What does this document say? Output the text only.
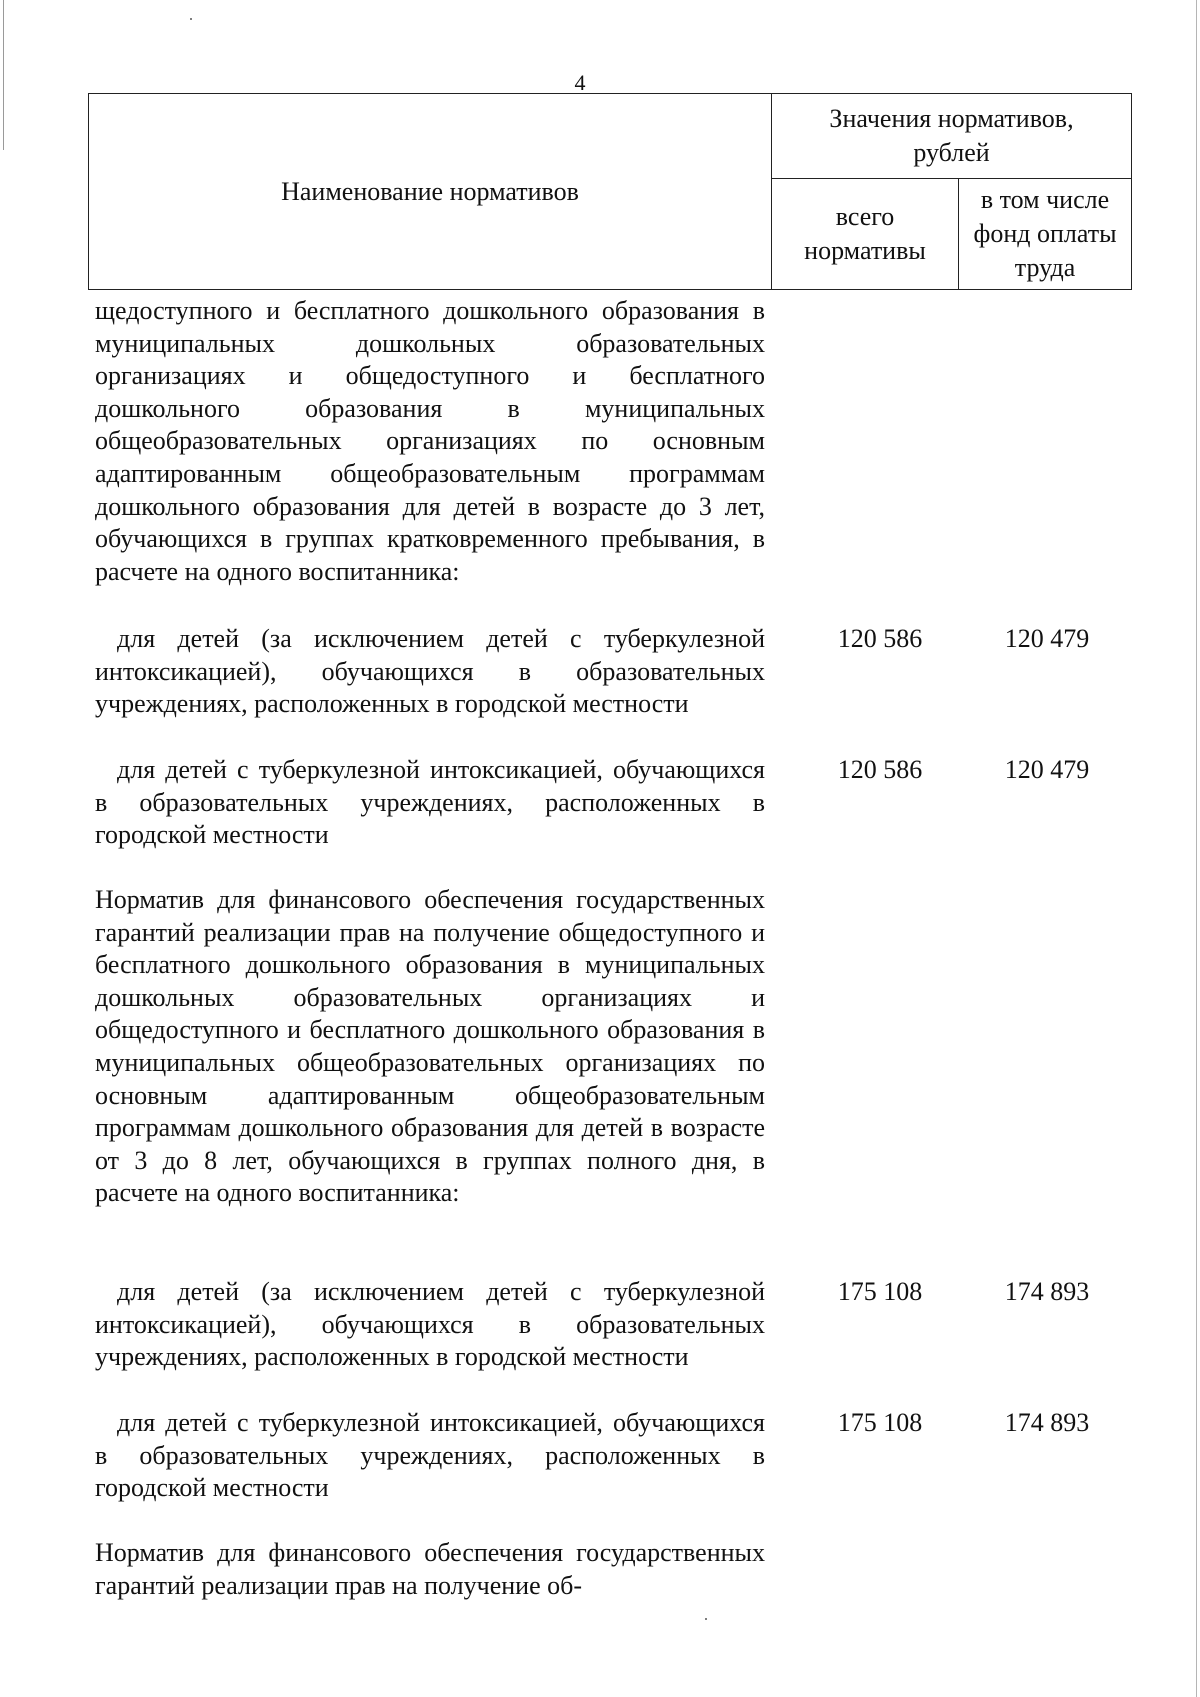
4
Наименование нормативов	Значения нормативов, рублей	
	всего нормативы	в том числе фонд оплаты труда
щедоступного и бесплатного дошкольного образования в муниципальных дошкольных образовательных организациях и общедоступного и бесплатного дошкольного образования в муниципальных общеобразовательных организациях по основным адаптированным общеобразовательным программам дошкольного образования для детей в возрасте до 3 лет, обучающихся в группах кратковременного пребывания, в расчете на одного воспитанника:
для детей (за исключением детей с туберкулезной интоксикацией), обучающихся в образовательных учреждениях, расположенных в городской местности
120 586	120 479
для детей с туберкулезной интоксикацией, обучающихся в образовательных учреждениях, расположенных в городской местности
120 586	120 479
Норматив для финансового обеспечения государственных гарантий реализации прав на получение общедоступного и бесплатного дошкольного образования в муниципальных дошкольных образовательных организациях и общедоступного и бесплатного дошкольного образования в муниципальных общеобразовательных организациях по основным адаптированным общеобразовательным программам дошкольного образования для детей в возрасте от 3 до 8 лет, обучающихся в группах полного дня, в расчете на одного воспитанника:
для детей (за исключением детей с туберкулезной интоксикацией), обучающихся в образовательных учреждениях, расположенных в городской местности
175 108	174 893
для детей с туберкулезной интоксикацией, обучающихся в образовательных учреждениях, расположенных в городской местности
175 108	174 893
Норматив для финансового обеспечения государственных гарантий реализации прав на получение об-
